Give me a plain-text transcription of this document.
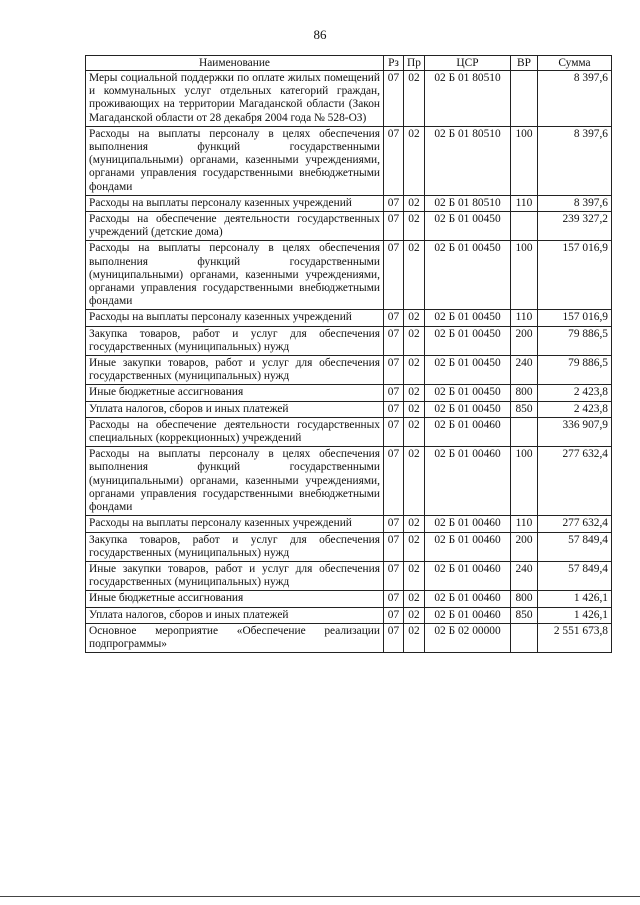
86
Наименование	Рз	Пр	ЦСР	ВР	Сумма
Меры социальной поддержки по оплате жилых помещений и коммунальных услуг отдельных категорий граждан, проживающих на территории Магаданской области (Закон Магаданской области от 28 декабря 2004 года № 528-ОЗ)	07	02	02 Б 01 80510		8 397,6
Расходы на выплаты персоналу в целях обеспечения выполнения функций государственными (муниципальными) органами, казенными учреждениями, органами управления государственными внебюджетными фондами	07	02	02 Б 01 80510	100	8 397,6
Расходы на выплаты персоналу казенных учреждений	07	02	02 Б 01 80510	110	8 397,6
Расходы на обеспечение деятельности государственных учреждений (детские дома)	07	02	02 Б 01 00450		239 327,2
Расходы на выплаты персоналу в целях обеспечения выполнения функций государственными (муниципальными) органами, казенными учреждениями, органами управления государственными внебюджетными фондами	07	02	02 Б 01 00450	100	157 016,9
Расходы на выплаты персоналу казенных учреждений	07	02	02 Б 01 00450	110	157 016,9
Закупка товаров, работ и услуг для обеспечения государственных (муниципальных) нужд	07	02	02 Б 01 00450	200	79 886,5
Иные закупки товаров, работ и услуг для обеспечения государственных (муниципальных) нужд	07	02	02 Б 01 00450	240	79 886,5
Иные бюджетные ассигнования	07	02	02 Б 01 00450	800	2 423,8
Уплата налогов, сборов и иных платежей	07	02	02 Б 01 00450	850	2 423,8
Расходы на обеспечение деятельности государственных специальных (коррекционных) учреждений	07	02	02 Б 01 00460		336 907,9
Расходы на выплаты персоналу в целях обеспечения выполнения функций государственными (муниципальными) органами, казенными учреждениями, органами управления государственными внебюджетными фондами	07	02	02 Б 01 00460	100	277 632,4
Расходы на выплаты персоналу казенных учреждений	07	02	02 Б 01 00460	110	277 632,4
Закупка товаров, работ и услуг для обеспечения государственных (муниципальных) нужд	07	02	02 Б 01 00460	200	57 849,4
Иные закупки товаров, работ и услуг для обеспечения государственных (муниципальных) нужд	07	02	02 Б 01 00460	240	57 849,4
Иные бюджетные ассигнования	07	02	02 Б 01 00460	800	1 426,1
Уплата налогов, сборов и иных платежей	07	02	02 Б 01 00460	850	1 426,1
Основное мероприятие «Обеспечение реализации подпрограммы»	07	02	02 Б 02 00000		2 551 673,8
